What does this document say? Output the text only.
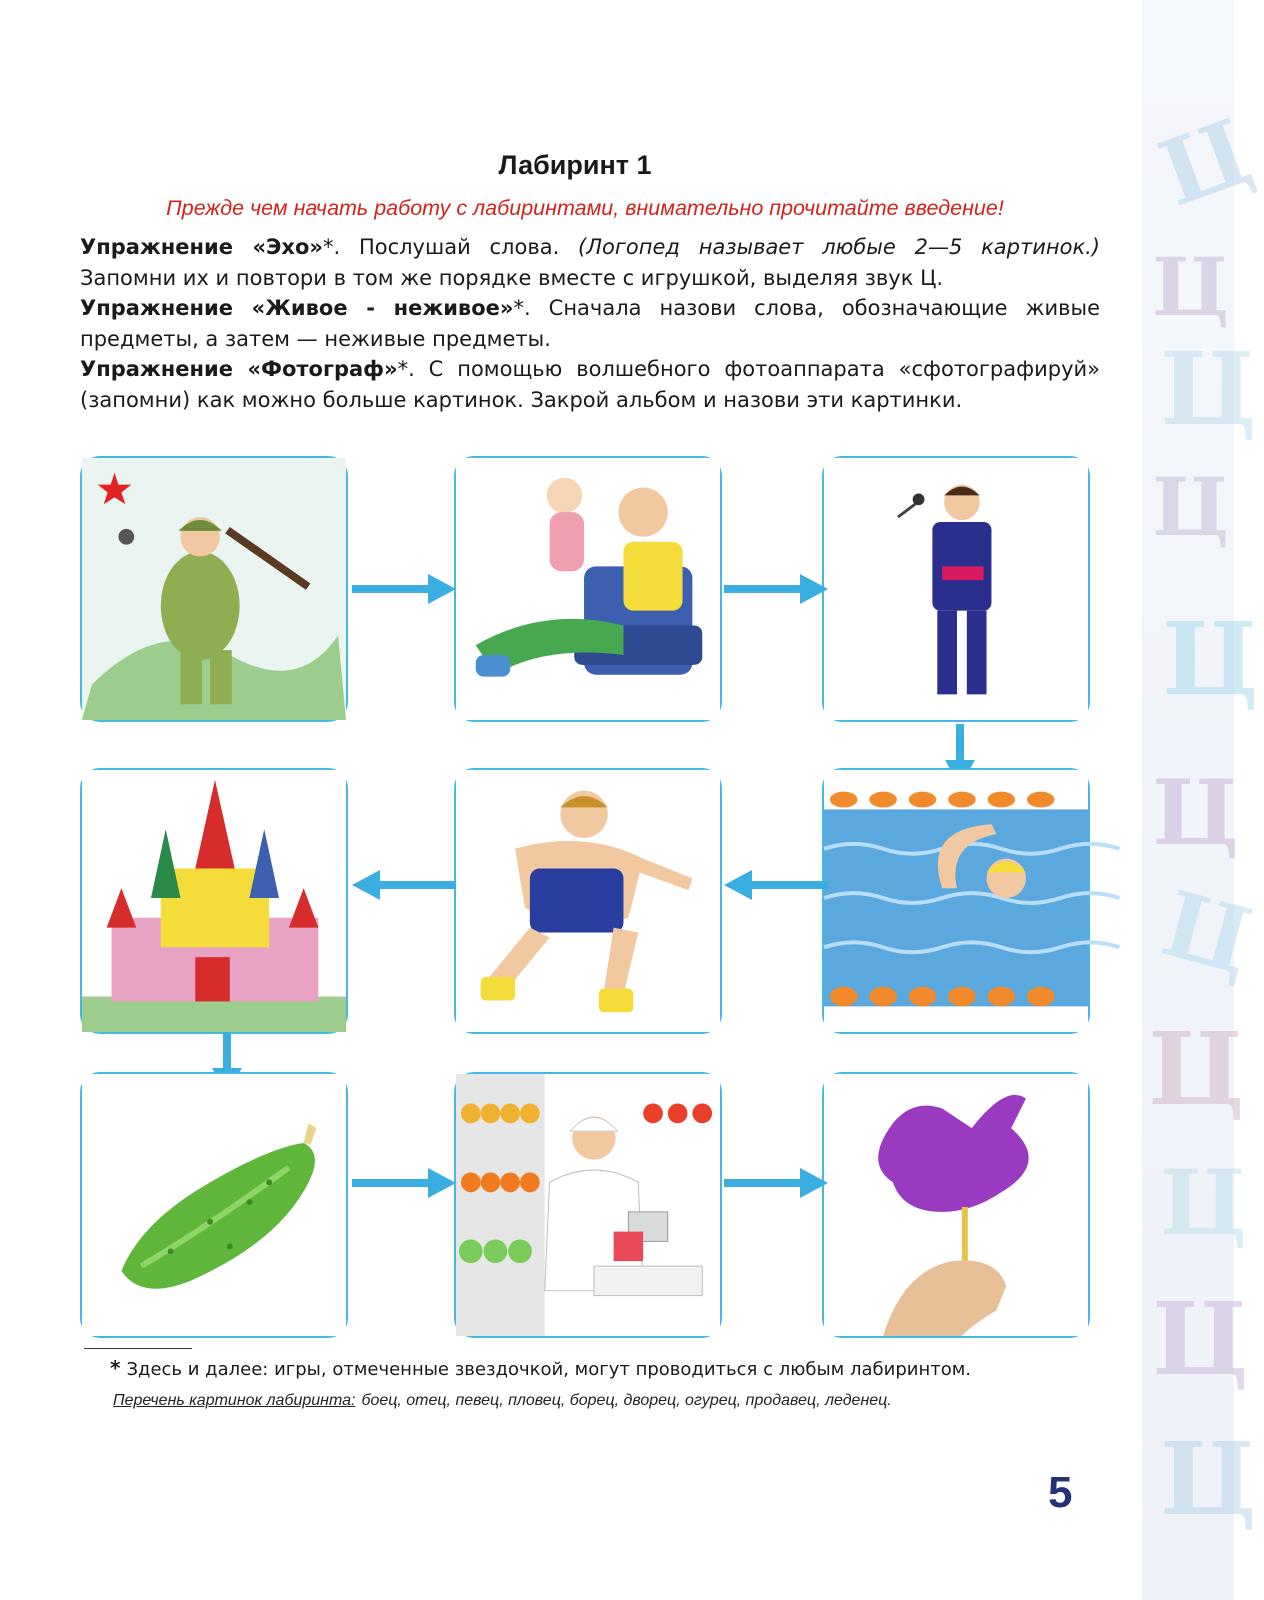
Ц
Ц
Ц
Ц
Ц
Ц
Ц
Ц
Ц
Ц
Ц
Лабиринт 1
Прежде чем начать работу с лабиринтами, внимательно прочитайте введение!
Упражнение «Эхо»*. Послушай слова. (Логопед называет любые 2—5 картинок.) Запомни их и повтори в том же порядке вместе с игрушкой, выделяя звук Ц.
Упражнение «Живое - неживое»*. Сначала назови слова, обозначающие живые предметы, а затем — неживые предметы.
Упражнение «Фотограф»*. С помощью волшебного фотоаппарата «сфотографируй» (запомни) как можно больше картинок. Закрой альбом и назови эти картинки.
* Здесь и далее: игры, отмеченные звездочкой, могут проводиться с любым лабиринтом.
Перечень картинок лабиринта: боец, отец, певец, пловец, борец, дворец, огурец, продавец, леденец.
5
